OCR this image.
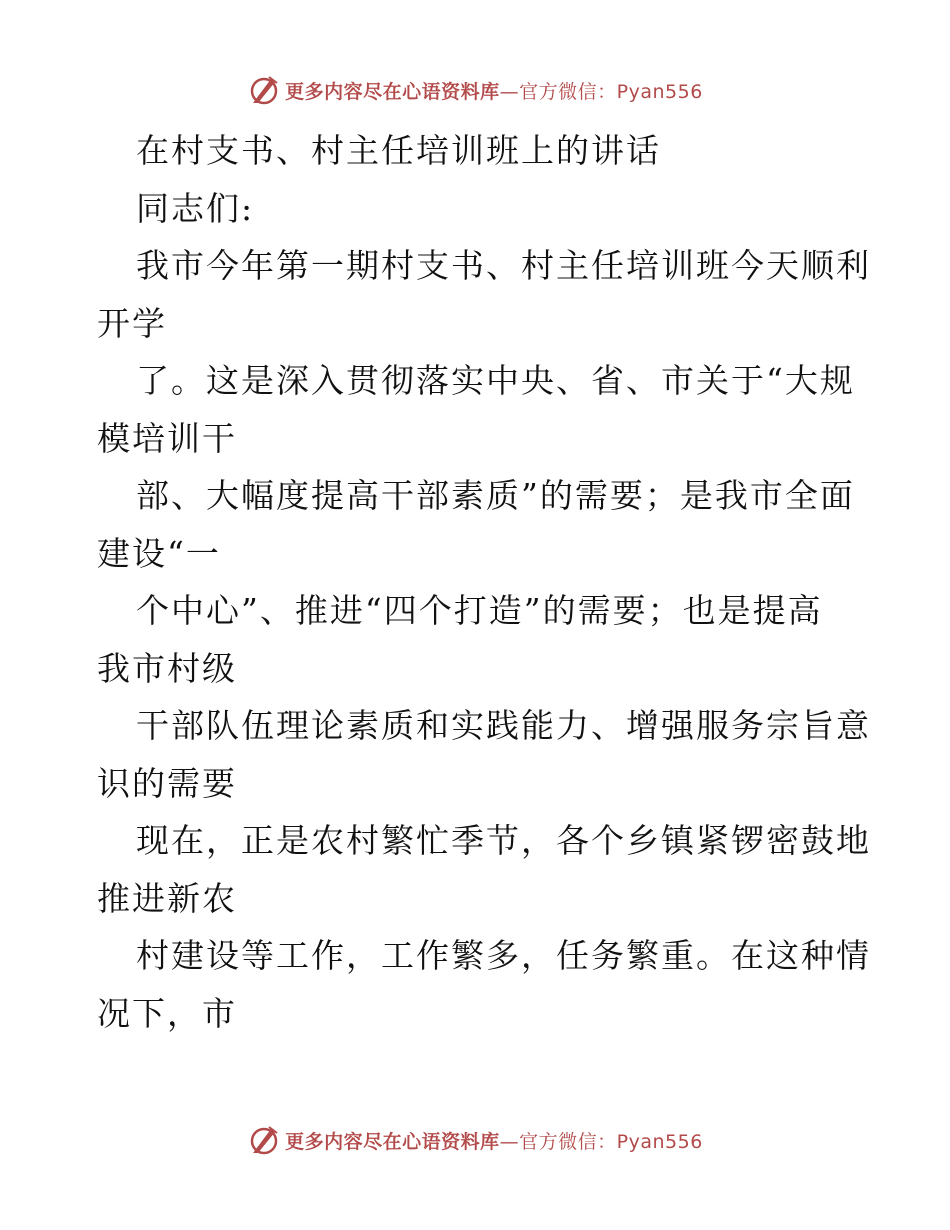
更多内容尽在心语资料库—官方微信：Pyan556
在村支书、村主任培训班上的讲话
同志们:
我市今年第一期村支书、村主任培训班今天顺利
开学
了。这是深入贯彻落实中央、省、市关于“大规
模培训干
部、大幅度提高干部素质”的需要；是我市全面
建设“一
个中心”、推进“四个打造”的需要；也是提高
我市村级
干部队伍理论素质和实践能力、增强服务宗旨意
识的需要
现在，正是农村繁忙季节，各个乡镇紧锣密鼓地
推进新农
村建设等工作，工作繁多，任务繁重。在这种情
况下，市
更多内容尽在心语资料库—官方微信：Pyan556
